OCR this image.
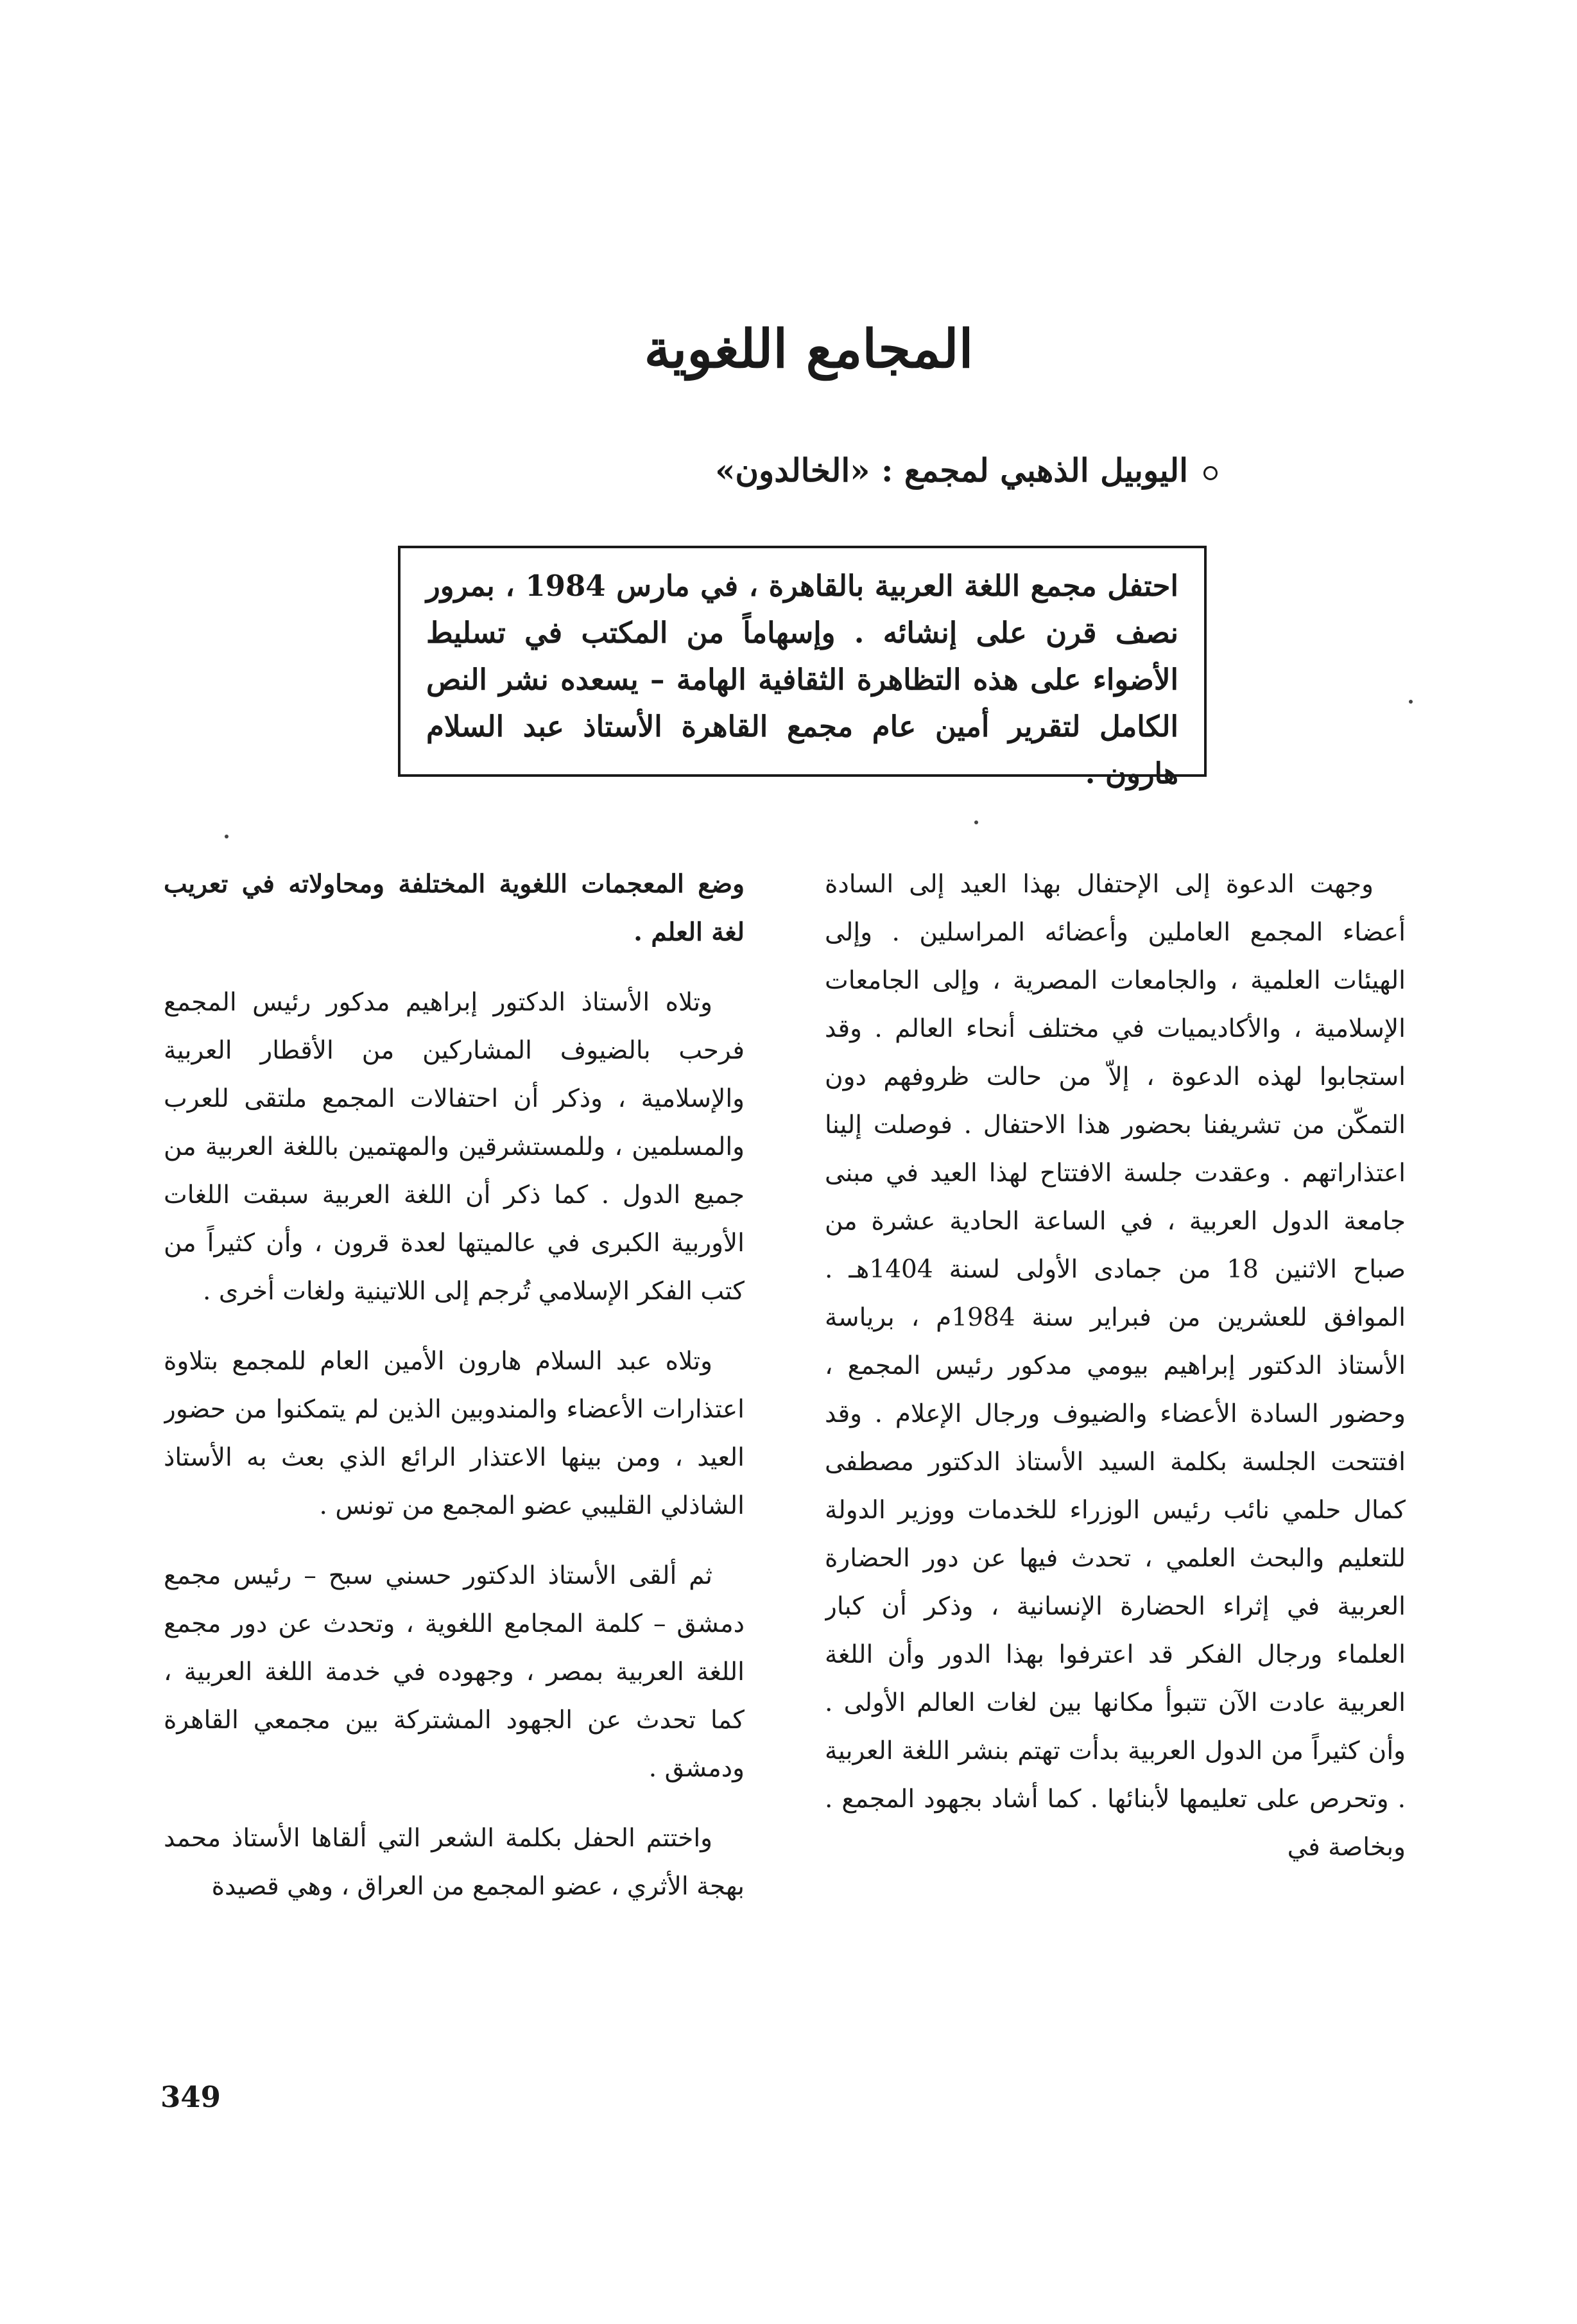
المجامع اللغوية
اليوبيل الذهبي لمجمع : «الخالدون»

احتفل مجمع اللغة العربية بالقاهرة ، في مارس 1984 ، بمرور نصف قرن على إنشائه . وإسهاماً من المكتب في تسليط الأضواء على هذه التظاهرة الثقافية الهامة – يسعده نشر النص الكامل لتقرير أمين عام مجمع القاهرة الأستاذ عبد السلام هارون .

وجهت الدعوة إلى الإحتفال بهذا العيد إلى السادة أعضاء المجمع العاملين وأعضائه المراسلين . وإلى الهيئات العلمية ، والجامعات المصرية ، وإلى الجامعات الإسلامية ، والأكاديميات في مختلف أنحاء العالم . وقد استجابوا لهذه الدعوة ، إلاّ من حالت ظروفهم دون التمكّن من تشريفنا بحضور هذا الاحتفال . فوصلت إلينا اعتذاراتهم . وعقدت جلسة الافتتاح لهذا العيد في مبنى جامعة الدول العربية ، في الساعة الحادية عشرة من صباح الاثنين 18 من جمادى الأولى لسنة 1404هـ . الموافق للعشرين من فبراير سنة 1984م ، برياسة الأستاذ الدكتور إبراهيم بيومي مدكور رئيس المجمع ، وحضور السادة الأعضاء والضيوف ورجال الإعلام . وقد افتتحت الجلسة بكلمة السيد الأستاذ الدكتور مصطفى كمال حلمي نائب رئيس الوزراء للخدمات ووزير الدولة للتعليم والبحث العلمي ، تحدث فيها عن دور الحضارة العربية في إثراء الحضارة الإنسانية ، وذكر أن كبار العلماء ورجال الفكر قد اعترفوا بهذا الدور وأن اللغة العربية عادت الآن تتبوأ مكانها بين لغات العالم الأولى . وأن كثيراً من الدول العربية بدأت تهتم بنشر اللغة العربية . وتحرص على تعليمها لأبنائها . كما أشاد بجهود المجمع . وبخاصة في

وضع المعجمات اللغوية المختلفة ومحاولاته في تعريب لغة العلم .

وتلاه الأستاذ الدكتور إبراهيم مدكور رئيس المجمع فرحب بالضيوف المشاركين من الأقطار العربية والإسلامية ، وذكر أن احتفالات المجمع ملتقى للعرب والمسلمين ، وللمستشرقين والمهتمين باللغة العربية من جميع الدول . كما ذكر أن اللغة العربية سبقت اللغات الأوربية الكبرى في عالميتها لعدة قرون ، وأن كثيراً من كتب الفكر الإسلامي تُرجم إلى اللاتينية ولغات أخرى .

وتلاه عبد السلام هارون الأمين العام للمجمع بتلاوة اعتذارات الأعضاء والمندوبين الذين لم يتمكنوا من حضور العيد ، ومن بينها الاعتذار الرائع الذي بعث به الأستاذ الشاذلي القليبي عضو المجمع من تونس .

ثم ألقى الأستاذ الدكتور حسني سبح – رئيس مجمع دمشق – كلمة المجامع اللغوية ، وتحدث عن دور مجمع اللغة العربية بمصر ، وجهوده في خدمة اللغة العربية ، كما تحدث عن الجهود المشتركة بين مجمعي القاهرة ودمشق .

واختتم الحفل بكلمة الشعر التي ألقاها الأستاذ محمد بهجة الأثري ، عضو المجمع من العراق ، وهي قصيدة

349
